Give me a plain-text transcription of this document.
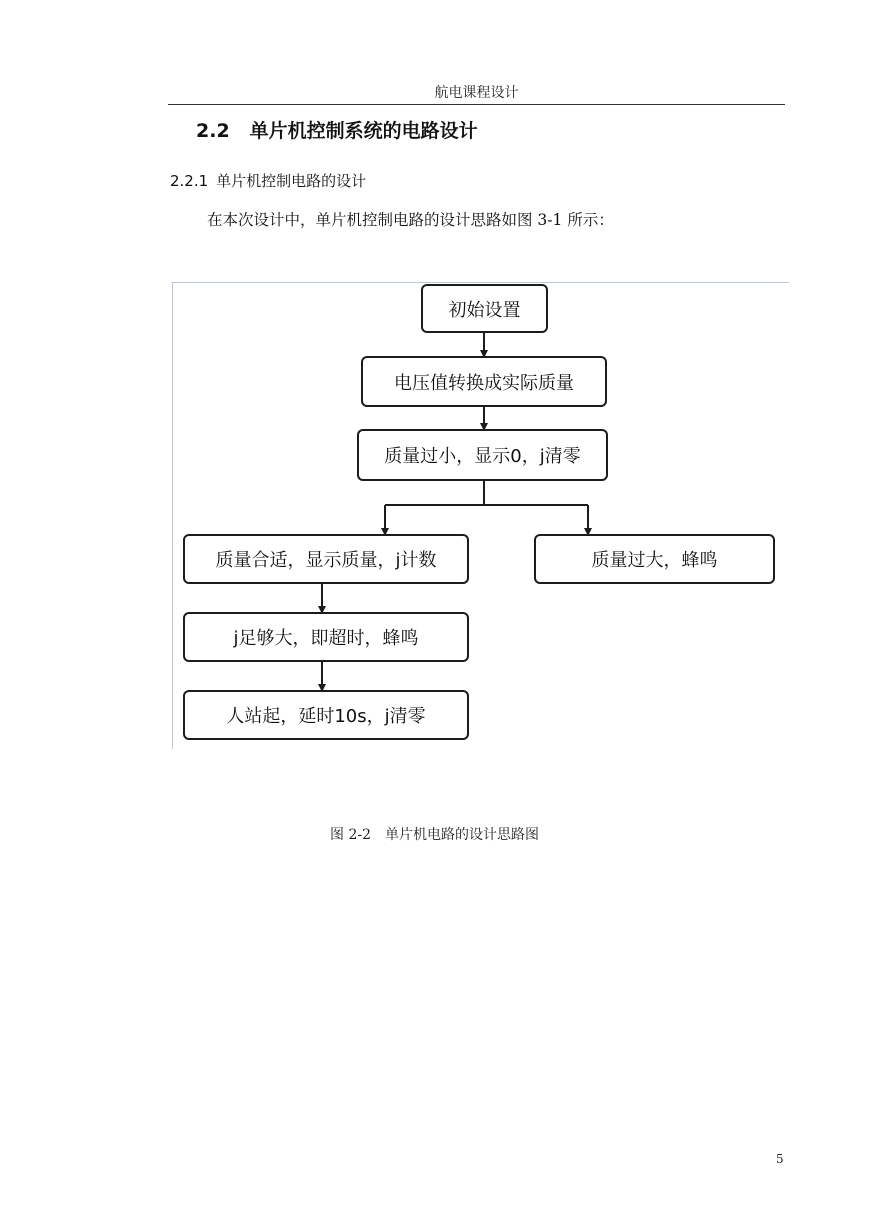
航电课程设计
2.2 单片机控制系统的电路设计
2.2.1 单片机控制电路的设计
在本次设计中，单片机控制电路的设计思路如图 3-1 所示：
初始设置
电压值转换成实际质量
质量过小，显示0，j清零
质量合适，显示质量，j计数	质量过大，蜂鸣
j足够大，即超时，蜂鸣
人站起，延时10s，j清零
图 2-2　单片机电路的设计思路图
5
